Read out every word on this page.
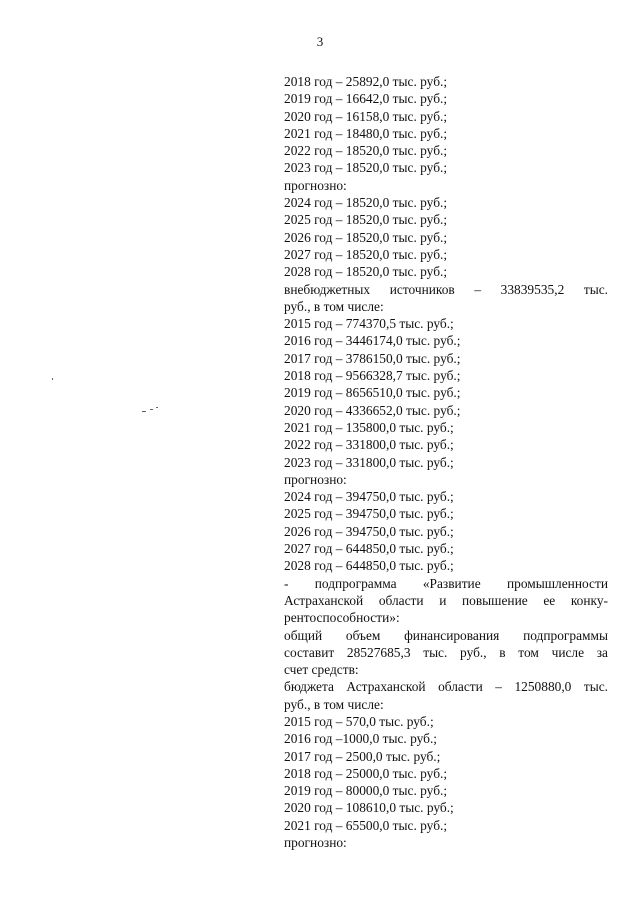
3
2018 год – 25892,0 тыс. руб.;
2019 год – 16642,0 тыс. руб.;
2020 год – 16158,0 тыс. руб.;
2021 год – 18480,0 тыс. руб.;
2022 год – 18520,0 тыс. руб.;
2023 год – 18520,0 тыс. руб.;
прогнозно:
2024 год – 18520,0 тыс. руб.;
2025 год – 18520,0 тыс. руб.;
2026 год – 18520,0 тыс. руб.;
2027 год – 18520,0 тыс. руб.;
2028 год – 18520,0 тыс. руб.;
внебюджетных источников – 33839535,2 тыс.
руб., в том числе:
2015 год – 774370,5 тыс. руб.;
2016 год – 3446174,0 тыс. руб.;
2017 год – 3786150,0 тыс. руб.;
2018 год – 9566328,7 тыс. руб.;
2019 год – 8656510,0 тыс. руб.;
2020 год – 4336652,0 тыс. руб.;
2021 год – 135800,0 тыс. руб.;
2022 год – 331800,0 тыс. руб.;
2023 год – 331800,0 тыс. руб.;
прогнозно:
2024 год – 394750,0 тыс. руб.;
2025 год – 394750,0 тыс. руб.;
2026 год – 394750,0 тыс. руб.;
2027 год – 644850,0 тыс. руб.;
2028 год – 644850,0 тыс. руб.;
- подпрограмма «Развитие промышленности
Астраханской области и повышение ее конку-
рентоспособности»:
общий объем финансирования подпрограммы
составит 28527685,3 тыс. руб., в том числе за
счет средств:
бюджета Астраханской области – 1250880,0 тыс.
руб., в том числе:
2015 год – 570,0 тыс. руб.;
2016 год –1000,0 тыс. руб.;
2017 год – 2500,0 тыс. руб.;
2018 год – 25000,0 тыс. руб.;
2019 год – 80000,0 тыс. руб.;
2020 год – 108610,0 тыс. руб.;
2021 год – 65500,0 тыс. руб.;
прогнозно:
